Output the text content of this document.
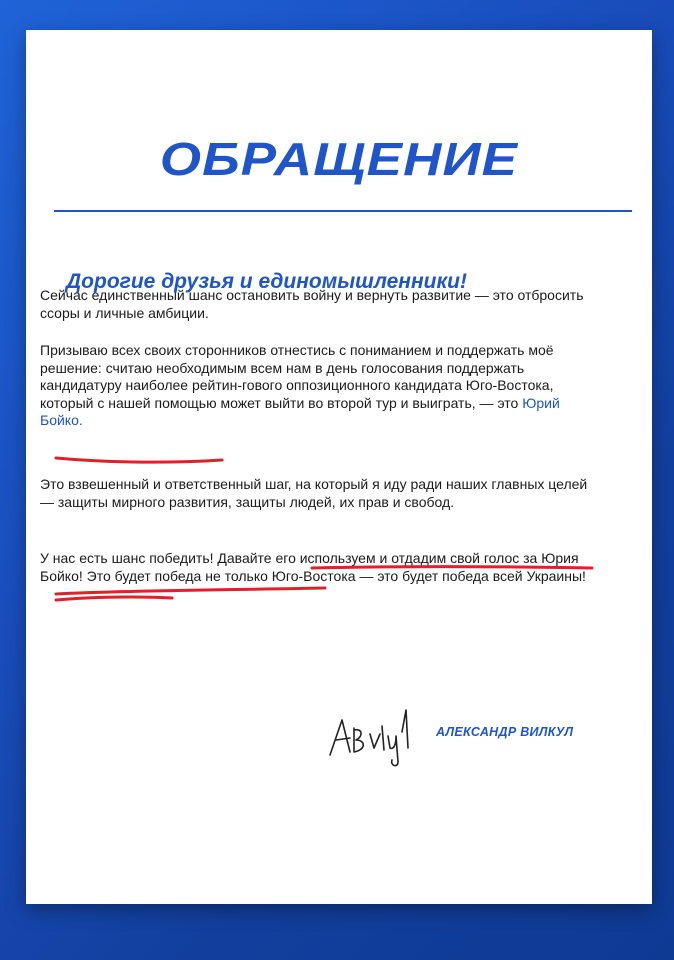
ОБРАЩЕНИЕ
Дорогие друзья и единомышленники!
Сейчас единственный шанс остановить войну и вернуть развитие — это отбросить ссоры и личные амбиции.
Призываю всех своих сторонников отнестись с пониманием и поддержать моё решение: считаю необходимым всем нам в день голосования поддержать кандидатуру наиболее рейтин-гового оппозиционного кандидата Юго-Востока, который с нашей помощью может выйти во второй тур и выиграть, — это Юрий Бойко.
Это взвешенный и ответственный шаг, на который я иду ради наших главных целей — защиты мирного развития, защиты людей, их прав и свобод.
У нас есть шанс победить! Давайте его используем и отдадим свой голос за Юрия Бойко! Это будет победа не только Юго-Востока — это будет победа всей Украины!
АЛЕКСАНДР ВИЛКУЛ
